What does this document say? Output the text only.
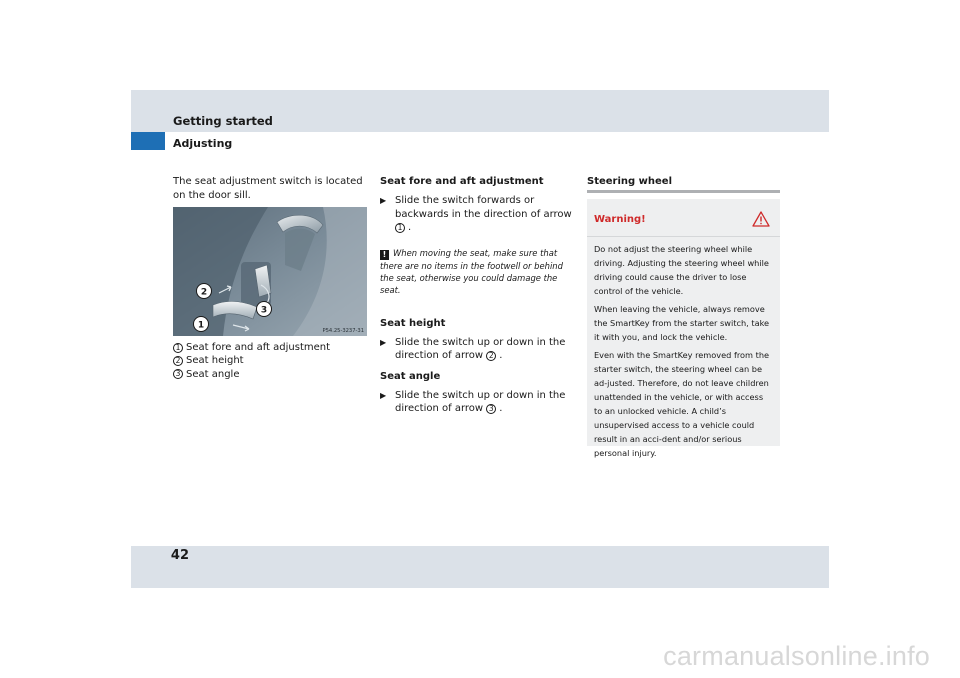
Getting started
Adjusting
The seat adjustment switch is located on the door sill.
2
3
1
P54.25-3237-31
1 Seat fore and aft adjustment
2 Seat height
3 Seat angle
Seat fore and aft adjustment
▶ Slide the switch forwards or backwards in the direction of arrow 1 .
! When moving the seat, make sure that there are no items in the footwell or behind the seat, otherwise you could damage the seat.
Seat height
▶ Slide the switch up or down in the direction of arrow 2 .
Seat angle
▶ Slide the switch up or down in the direction of arrow 3 .
Steering wheel
Warning!

Do not adjust the steering wheel while driving. Adjusting the steering wheel while driving could cause the driver to lose control of the vehicle.

When leaving the vehicle, always remove the SmartKey from the starter switch, take it with you, and lock the vehicle.

Even with the SmartKey removed from the starter switch, the steering wheel can be ad-justed. Therefore, do not leave children unattended in the vehicle, or with access to an unlocked vehicle. A child’s unsupervised access to a vehicle could result in an acci-dent and/or serious personal injury.

42
carmanualsonline.info
